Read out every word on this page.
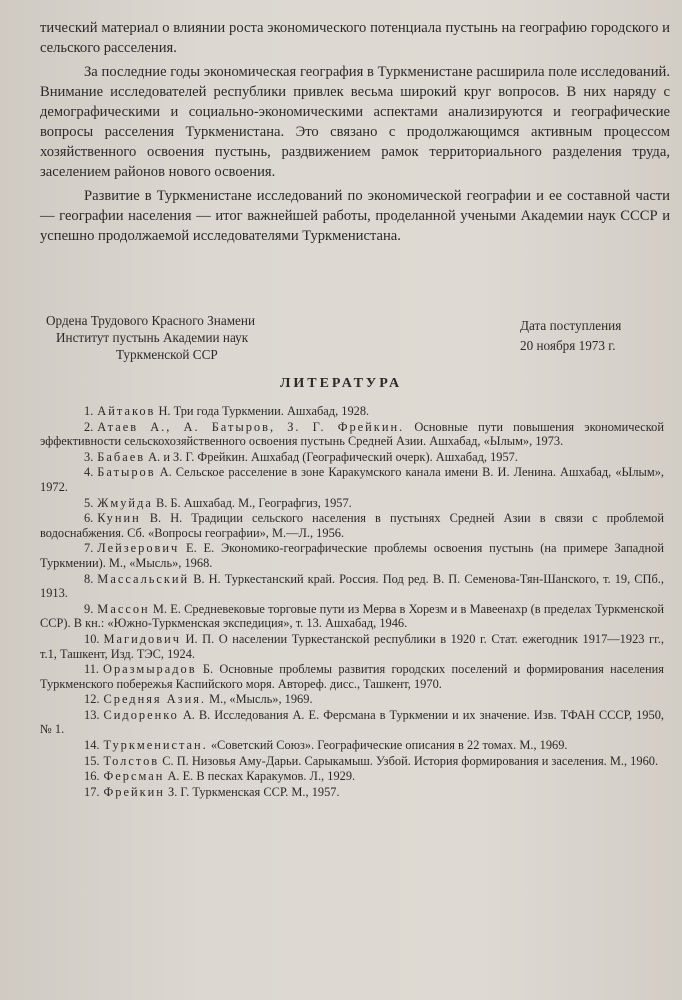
тический материал о влиянии роста экономического потенциала пустынь на географию городского и сельского расселения.

За последние годы экономическая география в Туркменистане расширила поле исследований. Внимание исследователей республики привлек весьма широкий круг вопросов. В них наряду с демографическими и социально-экономическими аспектами анализируются и географические вопросы расселения Туркменистана. Это связано с продолжающимся активным процессом хозяйственного освоения пустынь, раздвижением рамок территориального разделения труда, заселением районов нового освоения.

Развитие в Туркменистане исследований по экономической географии и ее составной части — географии населения — итог важнейшей работы, проделанной учеными Академии наук СССР и успешно продолжаемой исследователями Туркменистана.

Ордена Трудового Красного Знамени
Институт пустынь Академии наук
Туркменской ССР
Дата поступления
20 ноября 1973 г.
ЛИТЕРАТУРА

1. Айтаков Н. Три года Туркмении. Ашхабад, 1928.

2. Атаев А., А. Батыров, З. Г. Фрейкин. Основные пути повышения экономической эффективности сельскохозяйственного освоения пустынь Средней Азии. Ашхабад, «Ылым», 1973.

3. Бабаев А. и З. Г. Фрейкин. Ашхабад (Географический очерк). Ашхабад, 1957.

4. Батыров А. Сельское расселение в зоне Каракумского канала имени В. И. Ленина. Ашхабад, «Ылым», 1972.

5. Жмуйда В. Б. Ашхабад. М., Географгиз, 1957.

6. Кунин В. Н. Традиции сельского населения в пустынях Средней Азии в связи с проблемой водоснабжения. Сб. «Вопросы географии», М.—Л., 1956.

7. Лейзерович Е. Е. Экономико-географические проблемы освоения пустынь (на примере Западной Туркмении). М., «Мысль», 1968.

8. Массальский В. Н. Туркестанский край. Россия. Под ред. В. П. Семенова-Тян-Шанского, т. 19, СПб., 1913.

9. Массон М. Е. Средневековые торговые пути из Мерва в Хорезм и в Мавеенахр (в пределах Туркменской ССР). В кн.: «Южно-Туркменская экспедиция», т. 13. Ашхабад, 1946.

10. Магидович И. П. О населении Туркестанской республики в 1920 г. Стат. ежегодник 1917—1923 гг., т.1, Ташкент, Изд. ТЭС, 1924.

11. Оразмырадов Б. Основные проблемы развития городских поселений и формирования населения Туркменского побережья Каспийского моря. Автореф. дисс., Ташкент, 1970.

12. Средняя Азия. М., «Мысль», 1969.

13. Сидоренко А. В. Исследования А. Е. Ферсмана в Туркмении и их значение. Изв. ТФАН СССР, 1950, № 1.

14. Туркменистан. «Советский Союз». Географические описания в 22 томах. М., 1969.

15. Толстов С. П. Низовья Аму-Дарьи. Сарыкамыш. Узбой. История формирования и заселения. М., 1960.

16. Ферсман А. Е. В песках Каракумов. Л., 1929.

17. Фрейкин З. Г. Туркменская ССР. М., 1957.
